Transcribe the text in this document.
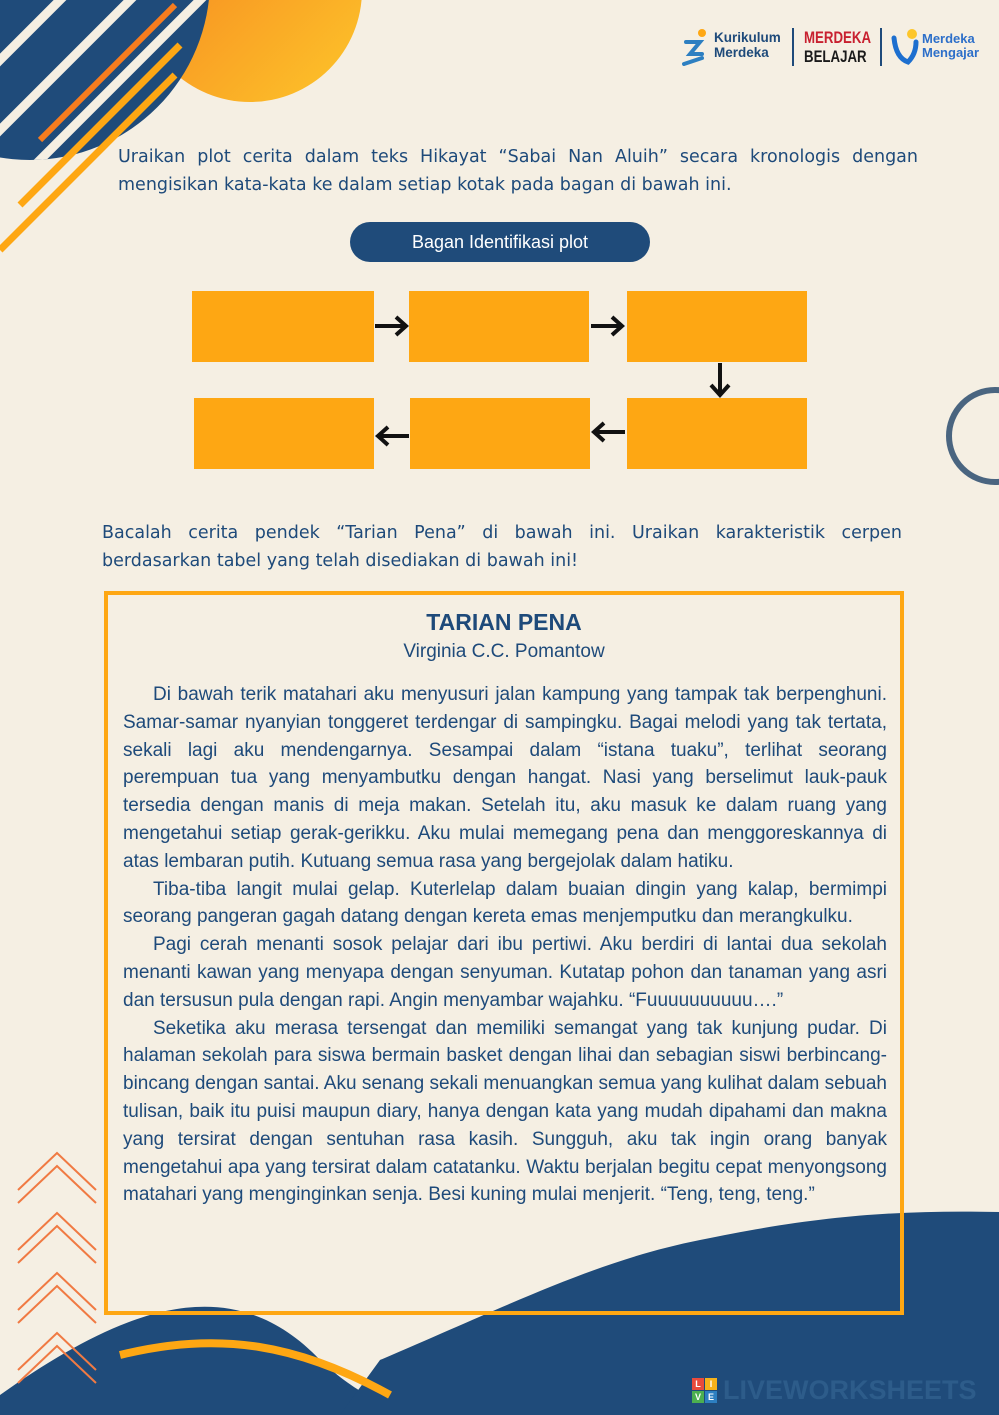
Kurikulum
Merdeka
MERDEKA
BELAJAR
Merdeka
Mengajar
Uraikan plot cerita dalam teks Hikayat “Sabai Nan Aluih” secara kronologis dengan mengisikan kata-kata ke dalam setiap kotak pada bagan di bawah ini.
Bagan Identifikasi plot
Bacalah cerita pendek “Tarian Pena” di bawah ini. Uraikan karakteristik cerpen berdasarkan tabel yang telah disediakan di bawah ini!
TARIAN PENA
Virginia C.C. Pomantow

Di bawah terik matahari aku menyusuri jalan kampung yang tampak tak berpenghuni. Samar-samar nyanyian tonggeret terdengar di sampingku. Bagai melodi yang tak tertata, sekali lagi aku mendengarnya. Sesampai dalam “istana tuaku”, terlihat seorang perempuan tua yang menyambutku dengan hangat. Nasi yang berselimut lauk-pauk tersedia dengan manis di meja makan. Setelah itu, aku masuk ke dalam ruang yang mengetahui setiap gerak-gerikku. Aku mulai memegang pena dan menggoreskannya di atas lembaran putih. Kutuang semua rasa yang bergejolak dalam hatiku.

Tiba-tiba langit mulai gelap. Kuterlelap dalam buaian dingin yang kalap, bermimpi seorang pangeran gagah datang dengan kereta emas menjemputku dan merangkulku.

Pagi cerah menanti sosok pelajar dari ibu pertiwi. Aku berdiri di lantai dua sekolah menanti kawan yang menyapa dengan senyuman. Kutatap pohon dan tanaman yang asri dan tersusun pula dengan rapi. Angin menyambar wajahku. “Fuuuuuuuuuu….”

Seketika aku merasa tersengat dan memiliki semangat yang tak kunjung pudar. Di halaman sekolah para siswa bermain basket dengan lihai dan sebagian siswi berbincang-bincang dengan santai. Aku senang sekali menuangkan semua yang kulihat dalam sebuah tulisan, baik itu puisi maupun diary, hanya dengan kata yang mudah dipahami dan makna yang tersirat dengan sentuhan rasa kasih. Sungguh, aku tak ingin orang banyak mengetahui apa yang tersirat dalam catatanku. Waktu berjalan begitu cepat menyongsong matahari yang menginginkan senja. Besi kuning mulai menjerit. “Teng, teng, teng.”

L I
V E LIVEWORKSHEETS
